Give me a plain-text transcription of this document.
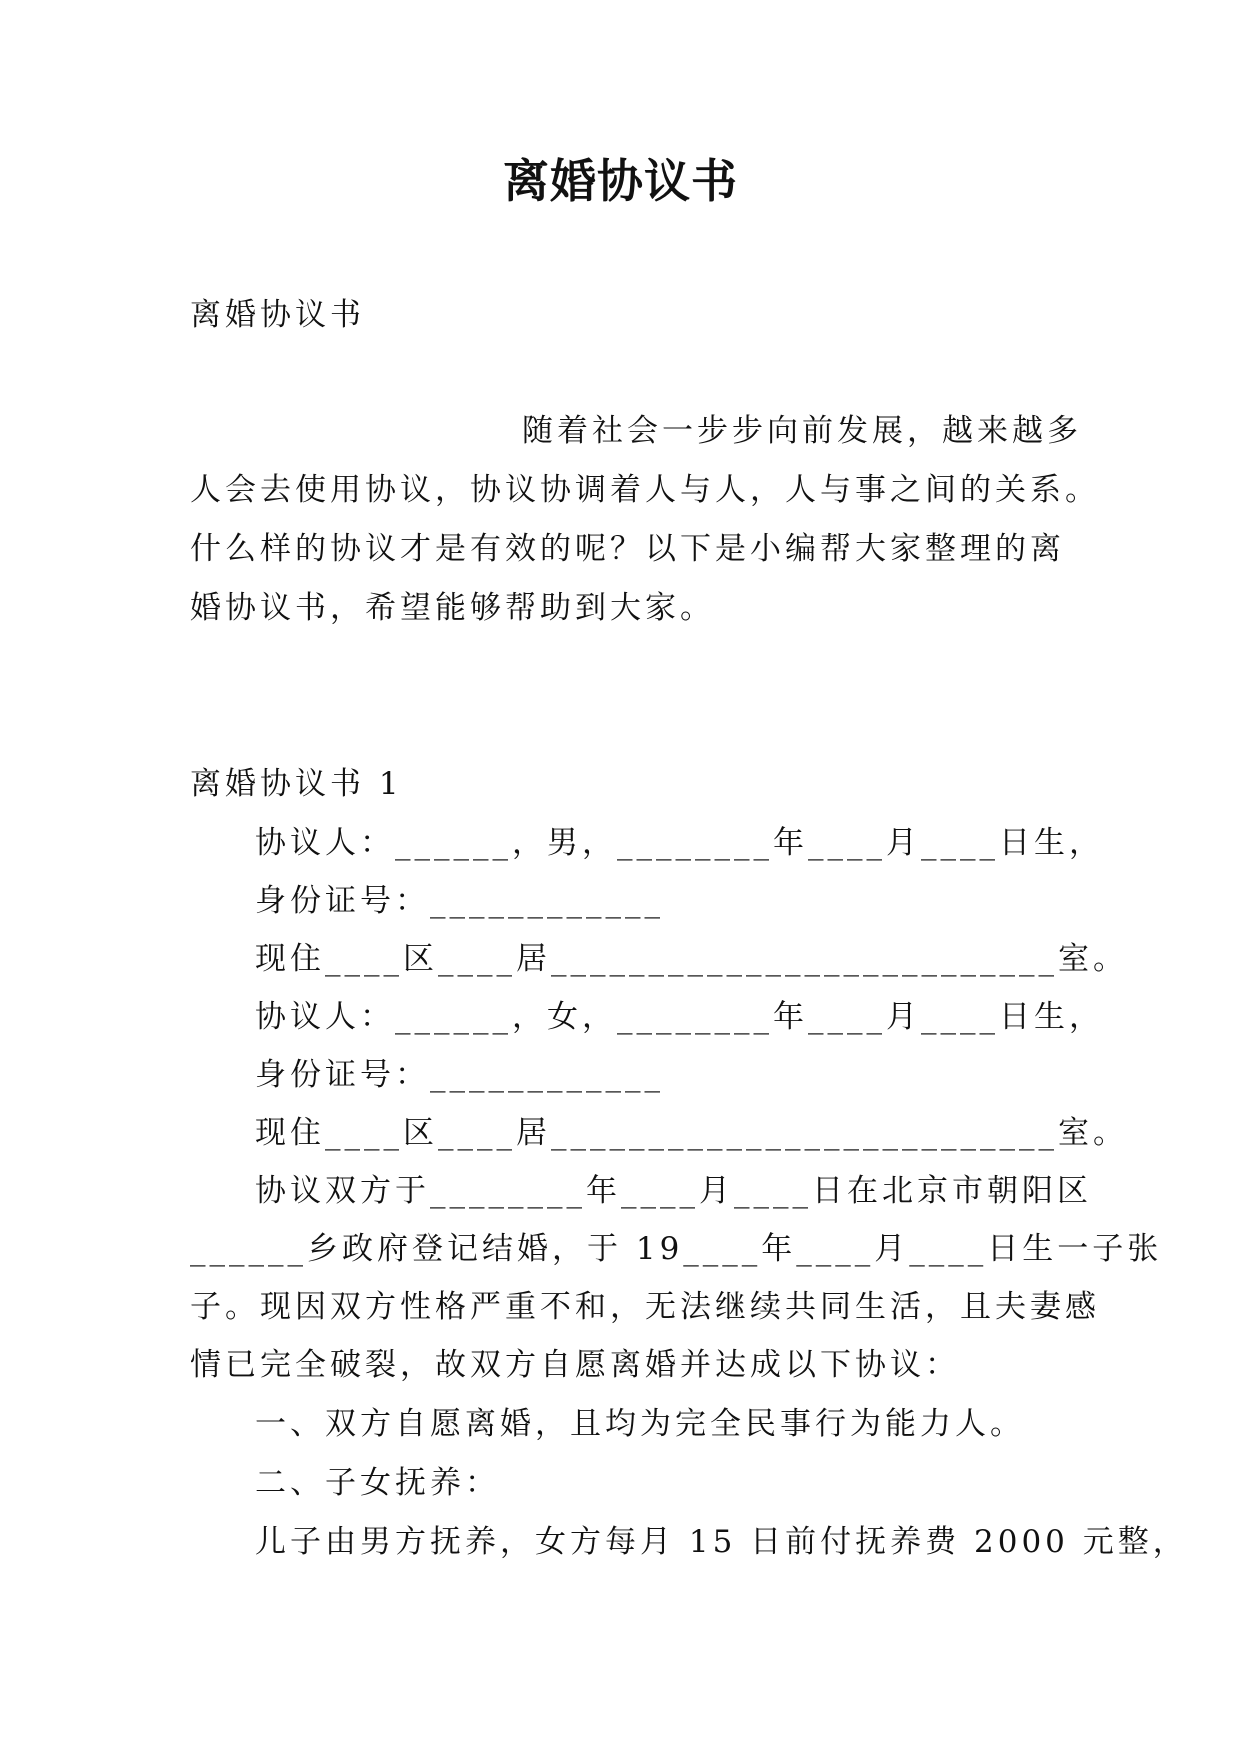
离婚协议书
离婚协议书
随着社会一步步向前发展，越来越多
人会去使用协议，协议协调着人与人，人与事之间的关系。
什么样的协议才是有效的呢？以下是小编帮大家整理的离
婚协议书，希望能够帮助到大家。
离婚协议书 1
协议人：______，男，________年____月____日生，
身份证号：____________
现住____区____居__________________________室。
协议人：______，女，________年____月____日生，
身份证号：____________
现住____区____居__________________________室。
协议双方于________年____月____日在北京市朝阳区
______乡政府登记结婚，于 19____年____月____日生一子张
子。现因双方性格严重不和，无法继续共同生活，且夫妻感
情已完全破裂，故双方自愿离婚并达成以下协议：
一、双方自愿离婚，且均为完全民事行为能力人。
二、子女抚养：
儿子由男方抚养，女方每月 15 日前付抚养费 2000 元整，
